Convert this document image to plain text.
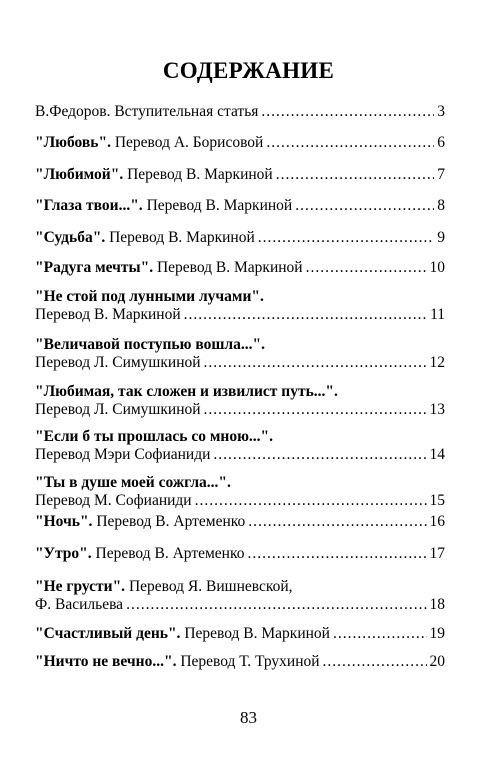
СОДЕРЖАНИЕ
В.Федоров. Вступительная статья .....	3
"Любовь". Перевод А. Борисовой .....	6
"Любимой". Перевод В. Маркиной .....	7
"Глаза твои...". Перевод В. Маркиной .....	8
"Судьба". Перевод В. Маркиной .....	9
"Радуга мечты". Перевод В. Маркиной .....	10
"Не стой под лунными лучами".
Перевод В. Маркиной .....	11
"Величавой поступью вошла...".
Перевод Л. Симушкиной .....	12
"Любимая, так сложен и извилист путь...".
Перевод Л. Симушкиной .....	13
"Если б ты прошлась со мною...".
Перевод Мэри Софианиди .....	14
"Ты в душе моей сожгла...".
Перевод М. Софианиди .....	15
"Ночь". Перевод В. Артеменко .....	16
"Утро". Перевод В. Артеменко .....	17
"Не грусти". Перевод Я. Вишневской,
Ф. Васильева .....	18
"Счастливый день". Перевод В. Маркиной .....	19
"Ничто не вечно...". Перевод Т. Трухиной .....	20
83
